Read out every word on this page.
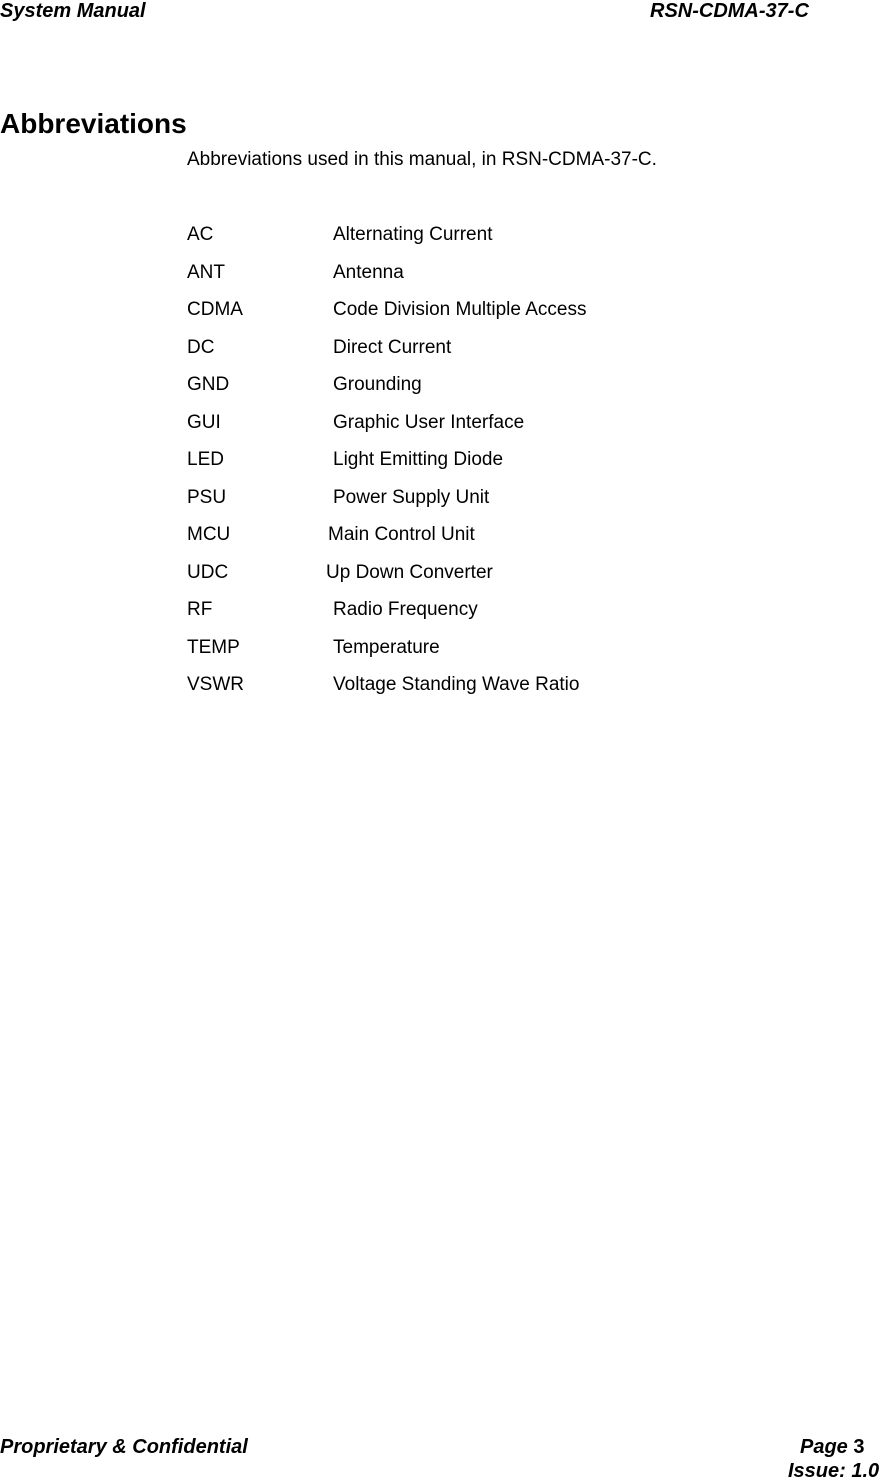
System Manual	RSN-CDMA-37-C
Abbreviations
Abbreviations used in this manual, in RSN-CDMA-37-C.
AC	Alternating Current
ANT	Antenna
CDMA	Code Division Multiple Access
DC	Direct Current
GND	Grounding
GUI	Graphic User Interface
LED	Light Emitting Diode
PSU	Power Supply Unit
MCU	Main Control Unit
UDC	Up Down Converter
RF	Radio Frequency
TEMP	Temperature
VSWR	Voltage Standing Wave Ratio
Proprietary & Confidential	Page 3
Issue: 1.0
